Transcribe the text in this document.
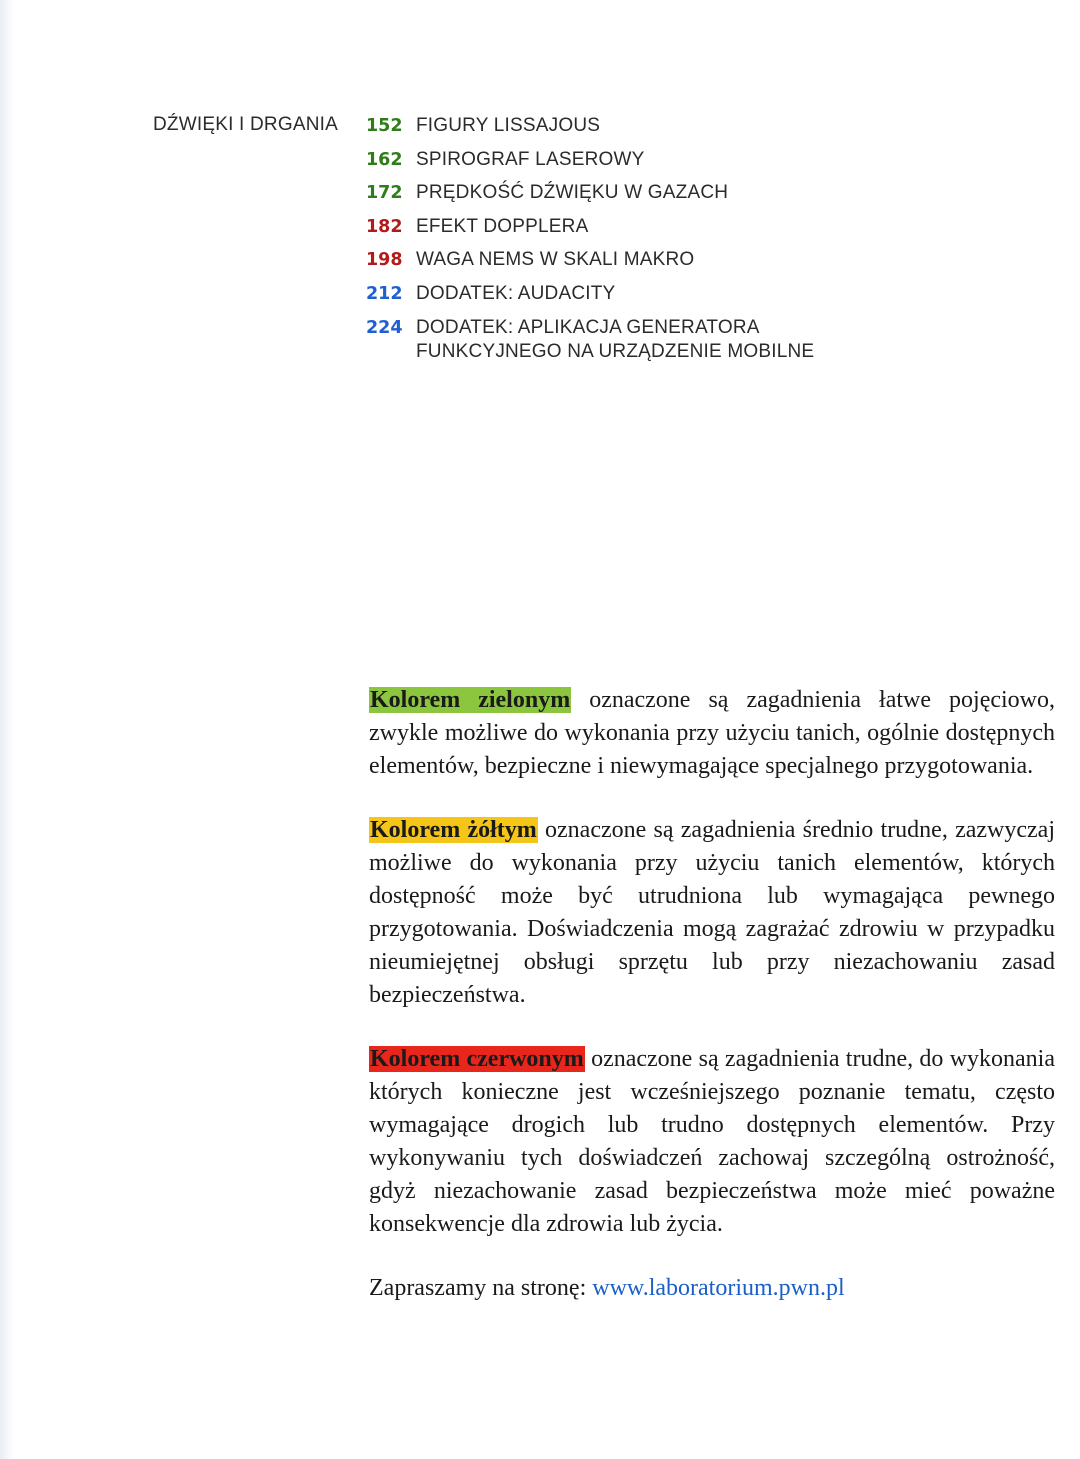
DŹWIĘKI I DRGANIA 152 FIGURY LISSAJOUS
162 SPIROGRAF LASEROWY
172 PRĘDKOŚĆ DŹWIĘKU W GAZACH
182 EFEKT DOPPLERA
198 WAGA NEMS W SKALI MAKRO
212 DODATEK: AUDACITY
224 DODATEK: APLIKACJA GENERATORA FUNKCYJNEGO NA URZĄDZENIE MOBILNE

Kolorem zielonym oznaczone są zagadnienia łatwe pojęciowo, zwykle możliwe do wykonania przy użyciu tanich, ogólnie dostępnych elementów, bezpieczne i niewymagające specjalnego przygotowania.

Kolorem żółtym oznaczone są zagadnienia średnio trudne, zazwyczaj możliwe do wykonania przy użyciu tanich elementów, których dostępność może być utrudniona lub wymagająca pewnego przygotowania. Doświadczenia mogą zagrażać zdrowiu w przypadku nieumiejętnej obsługi sprzętu lub przy niezachowaniu zasad bezpieczeństwa.

Kolorem czerwonym oznaczone są zagadnienia trudne, do wykonania których konieczne jest wcześniejszego poznanie tematu, często wymagające drogich lub trudno dostępnych elementów. Przy wykonywaniu tych doświadczeń zachowaj szczególną ostrożność, gdyż niezachowanie zasad bezpieczeństwa może mieć poważne konsekwencje dla zdrowia lub życia.

Zapraszamy na stronę: www.laboratorium.pwn.pl
